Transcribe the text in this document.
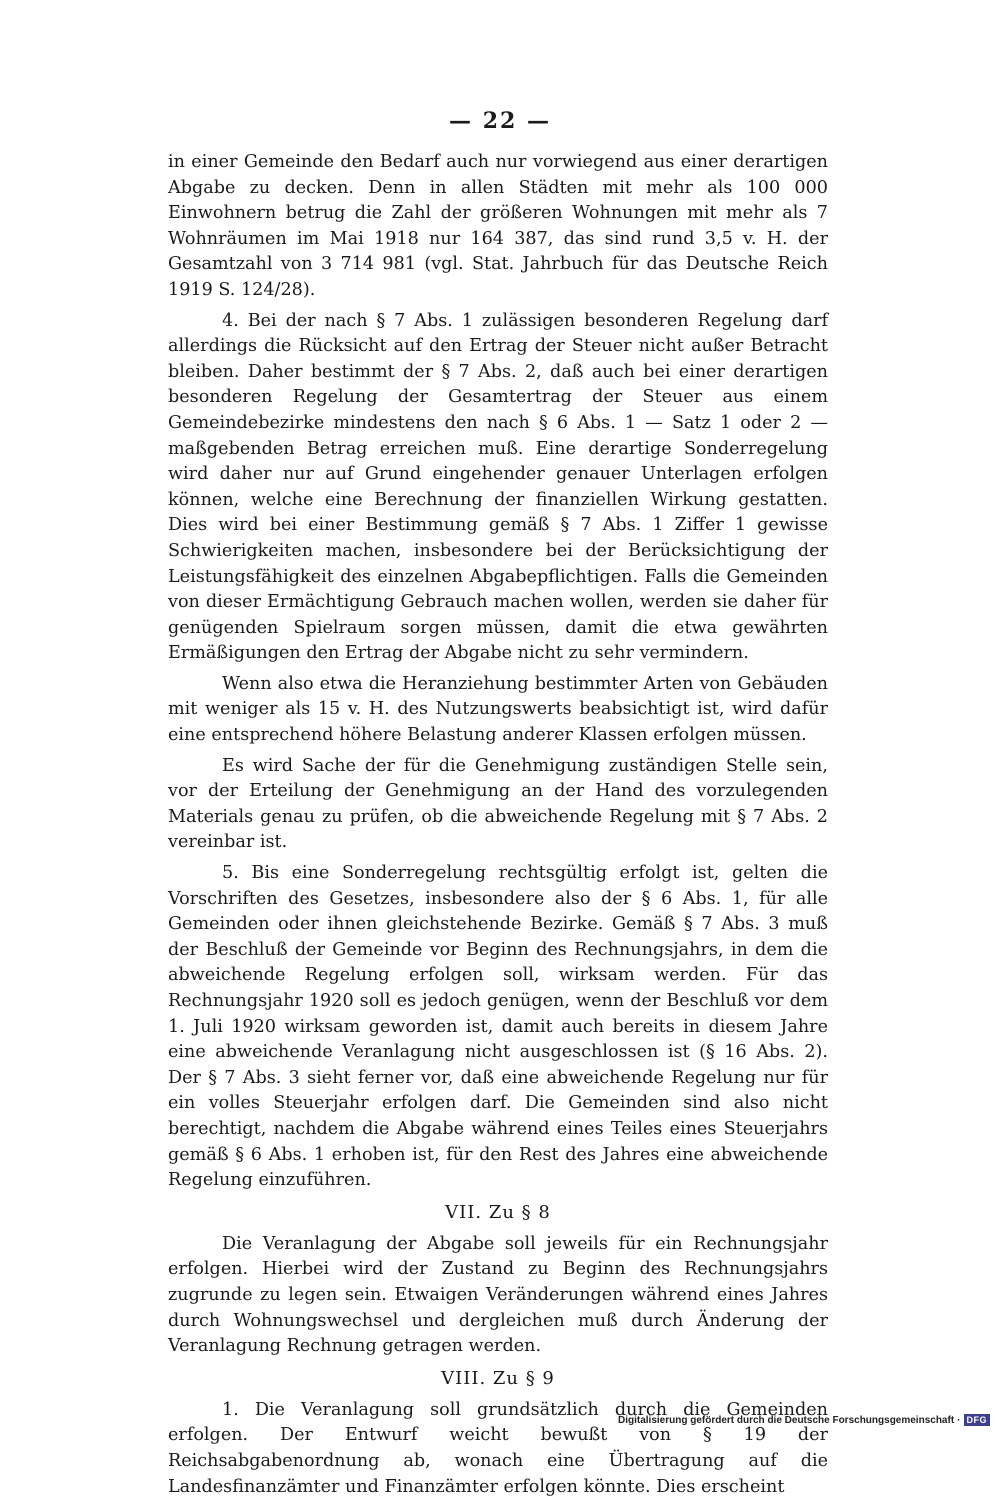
— 22 —

in einer Gemeinde den Bedarf auch nur vorwiegend aus einer derartigen Abgabe zu decken. Denn in allen Städten mit mehr als 100 000 Einwohnern betrug die Zahl der größeren Wohnungen mit mehr als 7 Wohnräumen im Mai 1918 nur 164 387, das sind rund 3,5 v. H. der Gesamtzahl von 3 714 981 (vgl. Stat. Jahrbuch für das Deutsche Reich 1919 S. 124/28).

4. Bei der nach § 7 Abs. 1 zulässigen besonderen Regelung darf allerdings die Rücksicht auf den Ertrag der Steuer nicht außer Betracht bleiben. Daher bestimmt der § 7 Abs. 2, daß auch bei einer derartigen besonderen Regelung der Gesamtertrag der Steuer aus einem Gemeindebezirke mindestens den nach § 6 Abs. 1 — Satz 1 oder 2 — maßgebenden Betrag erreichen muß. Eine derartige Sonderregelung wird daher nur auf Grund eingehender genauer Unterlagen erfolgen können, welche eine Berechnung der finanziellen Wirkung gestatten. Dies wird bei einer Bestimmung gemäß § 7 Abs. 1 Ziffer 1 gewisse Schwierigkeiten machen, insbesondere bei der Berücksichtigung der Leistungsfähigkeit des einzelnen Abgabepflichtigen. Falls die Gemeinden von dieser Ermächtigung Gebrauch machen wollen, werden sie daher für genügenden Spielraum sorgen müssen, damit die etwa gewährten Ermäßigungen den Ertrag der Abgabe nicht zu sehr vermindern.

Wenn also etwa die Heranziehung bestimmter Arten von Gebäuden mit weniger als 15 v. H. des Nutzungswerts beabsichtigt ist, wird dafür eine entsprechend höhere Belastung anderer Klassen erfolgen müssen.

Es wird Sache der für die Genehmigung zuständigen Stelle sein, vor der Erteilung der Genehmigung an der Hand des vorzulegenden Materials genau zu prüfen, ob die abweichende Regelung mit § 7 Abs. 2 vereinbar ist.

5. Bis eine Sonderregelung rechtsgültig erfolgt ist, gelten die Vorschriften des Gesetzes, insbesondere also der § 6 Abs. 1, für alle Gemeinden oder ihnen gleichstehende Bezirke. Gemäß § 7 Abs. 3 muß der Beschluß der Gemeinde vor Beginn des Rechnungsjahrs, in dem die abweichende Regelung erfolgen soll, wirksam werden. Für das Rechnungsjahr 1920 soll es jedoch genügen, wenn der Beschluß vor dem 1. Juli 1920 wirksam geworden ist, damit auch bereits in diesem Jahre eine abweichende Veranlagung nicht ausgeschlossen ist (§ 16 Abs. 2). Der § 7 Abs. 3 sieht ferner vor, daß eine abweichende Regelung nur für ein volles Steuerjahr erfolgen darf. Die Gemeinden sind also nicht berechtigt, nachdem die Abgabe während eines Teiles eines Steuerjahrs gemäß § 6 Abs. 1 erhoben ist, für den Rest des Jahres eine abweichende Regelung einzuführen.

VII. Zu § 8

Die Veranlagung der Abgabe soll jeweils für ein Rechnungsjahr erfolgen. Hierbei wird der Zustand zu Beginn des Rechnungsjahrs zugrunde zu legen sein. Etwaigen Veränderungen während eines Jahres durch Wohnungswechsel und dergleichen muß durch Änderung der Veranlagung Rechnung getragen werden.

VIII. Zu § 9

1. Die Veranlagung soll grundsätzlich durch die Gemeinden erfolgen. Der Entwurf weicht bewußt von § 19 der Reichsabgabenordnung ab, wonach eine Übertragung auf die Landesfinanzämter und Finanzämter erfolgen könnte. Dies erscheint

Digitalisierung gefördert durch die Deutsche Forschungsgemeinschaft · DFG
